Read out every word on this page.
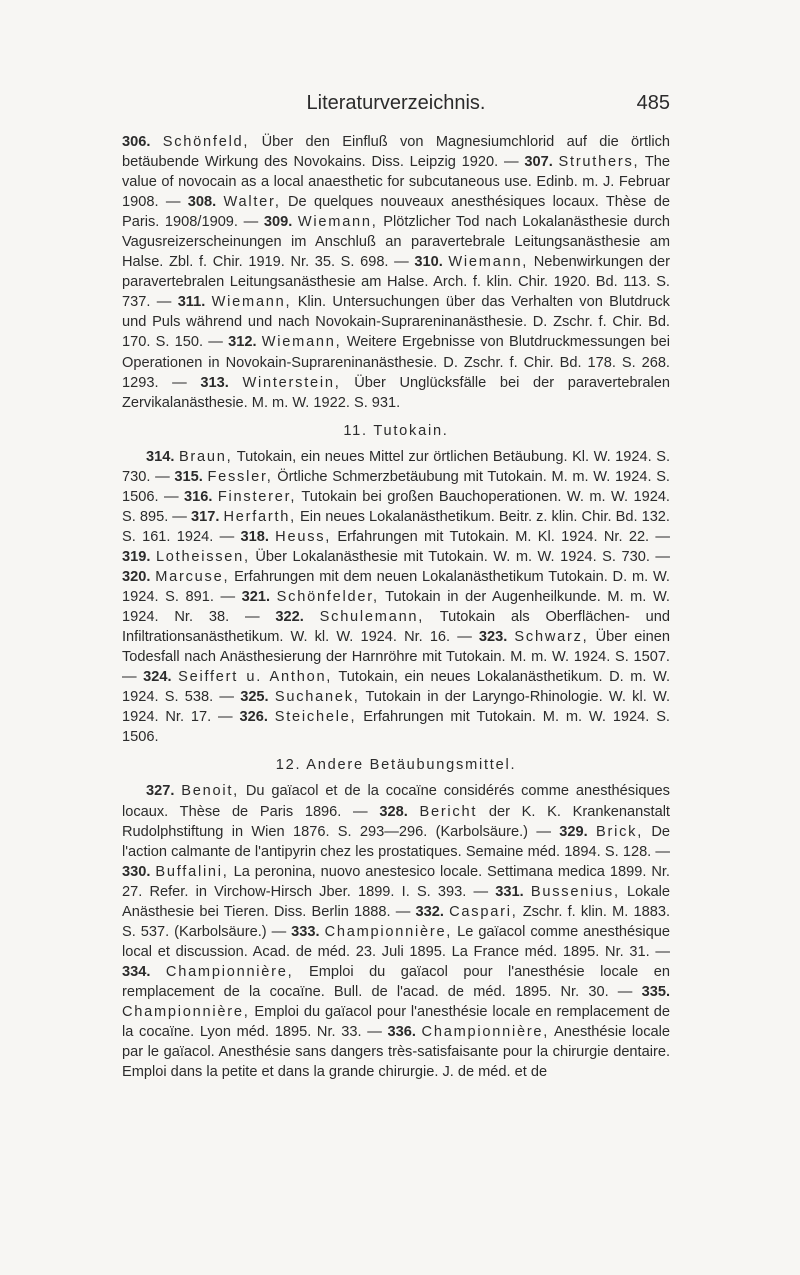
Literaturverzeichnis.	485

306. Schönfeld, Über den Einfluß von Magnesiumchlorid auf die örtlich betäubende Wirkung des Novokains. Diss. Leipzig 1920. — 307. Struthers, The value of novocain as a local anaesthetic for subcutaneous use. Edinb. m. J. Februar 1908. — 308. Walter, De quelques nouveaux anesthésiques locaux. Thèse de Paris. 1908/1909. — 309. Wiemann, Plötzlicher Tod nach Lokalanästhesie durch Vagusreizerscheinungen im Anschluß an paravertebrale Leitungsanästhesie am Halse. Zbl. f. Chir. 1919. Nr. 35. S. 698. — 310. Wiemann, Nebenwirkungen der paravertebralen Leitungsanästhesie am Halse. Arch. f. klin. Chir. 1920. Bd. 113. S. 737. — 311. Wiemann, Klin. Untersuchungen über das Verhalten von Blutdruck und Puls während und nach Novokain-Suprareninanästhesie. D. Zschr. f. Chir. Bd. 170. S. 150. — 312. Wiemann, Weitere Ergebnisse von Blutdruckmessungen bei Operationen in Novokain-Suprareninanästhesie. D. Zschr. f. Chir. Bd. 178. S. 268. 1293. — 313. Winterstein, Über Unglücksfälle bei der paravertebralen Zervikalanästhesie. M. m. W. 1922. S. 931.

11. Tutokain.

314. Braun, Tutokain, ein neues Mittel zur örtlichen Betäubung. Kl. W. 1924. S. 730. — 315. Fessler, Örtliche Schmerzbetäubung mit Tutokain. M. m. W. 1924. S. 1506. — 316. Finsterer, Tutokain bei großen Bauchoperationen. W. m. W. 1924. S. 895. — 317. Herfarth, Ein neues Lokalanästhetikum. Beitr. z. klin. Chir. Bd. 132. S. 161. 1924. — 318. Heuss, Erfahrungen mit Tutokain. M. Kl. 1924. Nr. 22. — 319. Lotheissen, Über Lokalanästhesie mit Tutokain. W. m. W. 1924. S. 730. — 320. Marcuse, Erfahrungen mit dem neuen Lokalanästhetikum Tutokain. D. m. W. 1924. S. 891. — 321. Schönfelder, Tutokain in der Augenheilkunde. M. m. W. 1924. Nr. 38. — 322. Schulemann, Tutokain als Oberflächen- und Infiltrationsanästhetikum. W. kl. W. 1924. Nr. 16. — 323. Schwarz, Über einen Todesfall nach Anästhesierung der Harnröhre mit Tutokain. M. m. W. 1924. S. 1507. — 324. Seiffert u. Anthon, Tutokain, ein neues Lokalanästhetikum. D. m. W. 1924. S. 538. — 325. Suchanek, Tutokain in der Laryngo-Rhinologie. W. kl. W. 1924. Nr. 17. — 326. Steichele, Erfahrungen mit Tutokain. M. m. W. 1924. S. 1506.

12. Andere Betäubungsmittel.

327. Benoit, Du gaïacol et de la cocaïne considérés comme anesthésiques locaux. Thèse de Paris 1896. — 328. Bericht der K. K. Krankenanstalt Rudolphstiftung in Wien 1876. S. 293—296. (Karbolsäure.) — 329. Brick, De l'action calmante de l'antipyrin chez les prostatiques. Semaine méd. 1894. S. 128. — 330. Buffalini, La peronina, nuovo anestesico locale. Settimana medica 1899. Nr. 27. Refer. in Virchow-Hirsch Jber. 1899. I. S. 393. — 331. Bussenius, Lokale Anästhesie bei Tieren. Diss. Berlin 1888. — 332. Caspari, Zschr. f. klin. M. 1883. S. 537. (Karbolsäure.) — 333. Championnière, Le gaïacol comme anesthésique local et discussion. Acad. de méd. 23. Juli 1895. La France méd. 1895. Nr. 31. — 334. Championnière, Emploi du gaïacol pour l'anesthésie locale en remplacement de la cocaïne. Bull. de l'acad. de méd. 1895. Nr. 30. — 335. Championnière, Emploi du gaïacol pour l'anesthésie locale en remplacement de la cocaïne. Lyon méd. 1895. Nr. 33. — 336. Championnière, Anesthésie locale par le gaïacol. Anesthésie sans dangers très-satisfaisante pour la chirurgie dentaire. Emploi dans la petite et dans la grande chirurgie. J. de méd. et de
